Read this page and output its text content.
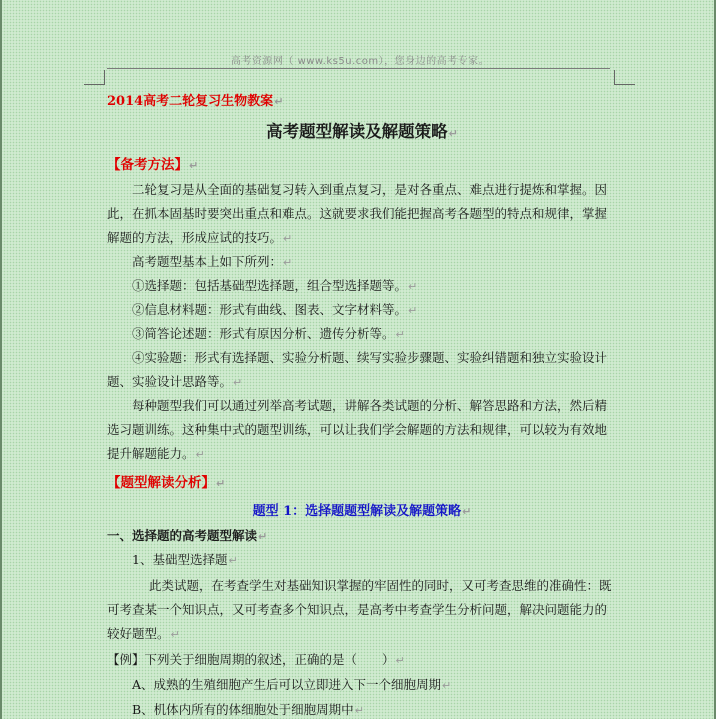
高考资源网（ www.ks5u.com），您身边的高考专家。
2014高考二轮复习生物教案↵
高考题型解读及解题策略↵
【备考方法】↵
二轮复习是从全面的基础复习转入到重点复习，是对各重点、难点进行提炼和掌握。因
此，在抓本固基时要突出重点和难点。这就要求我们能把握高考各题型的特点和规律，掌握
解题的方法，形成应试的技巧。↵
高考题型基本上如下所列：↵
①选择题：包括基础型选择题，组合型选择题等。↵
②信息材料题：形式有曲线、图表、文字材料等。↵
③简答论述题：形式有原因分析、遗传分析等。↵
④实验题：形式有选择题、实验分析题、续写实验步骤题、实验纠错题和独立实验设计
题、实验设计思路等。↵
每种题型我们可以通过列举高考试题，讲解各类试题的分析、解答思路和方法，然后精
选习题训练。这种集中式的题型训练，可以让我们学会解题的方法和规律，可以较为有效地
提升解题能力。↵
【题型解读分析】↵
题型 1：选择题题型解读及解题策略↵
一、选择题的高考题型解读↵
1、基础型选择题↵
此类试题，在考查学生对基础知识掌握的牢固性的同时，又可考查思维的准确性：既
可考查某一个知识点，又可考查多个知识点，是高考中考查学生分析问题，解决问题能力的
较好题型。↵
【例】下列关于细胞周期的叙述，正确的是（　　）↵
A、成熟的生殖细胞产生后可以立即进入下一个细胞周期↵
B、机体内所有的体细胞处于细胞周期中↵
